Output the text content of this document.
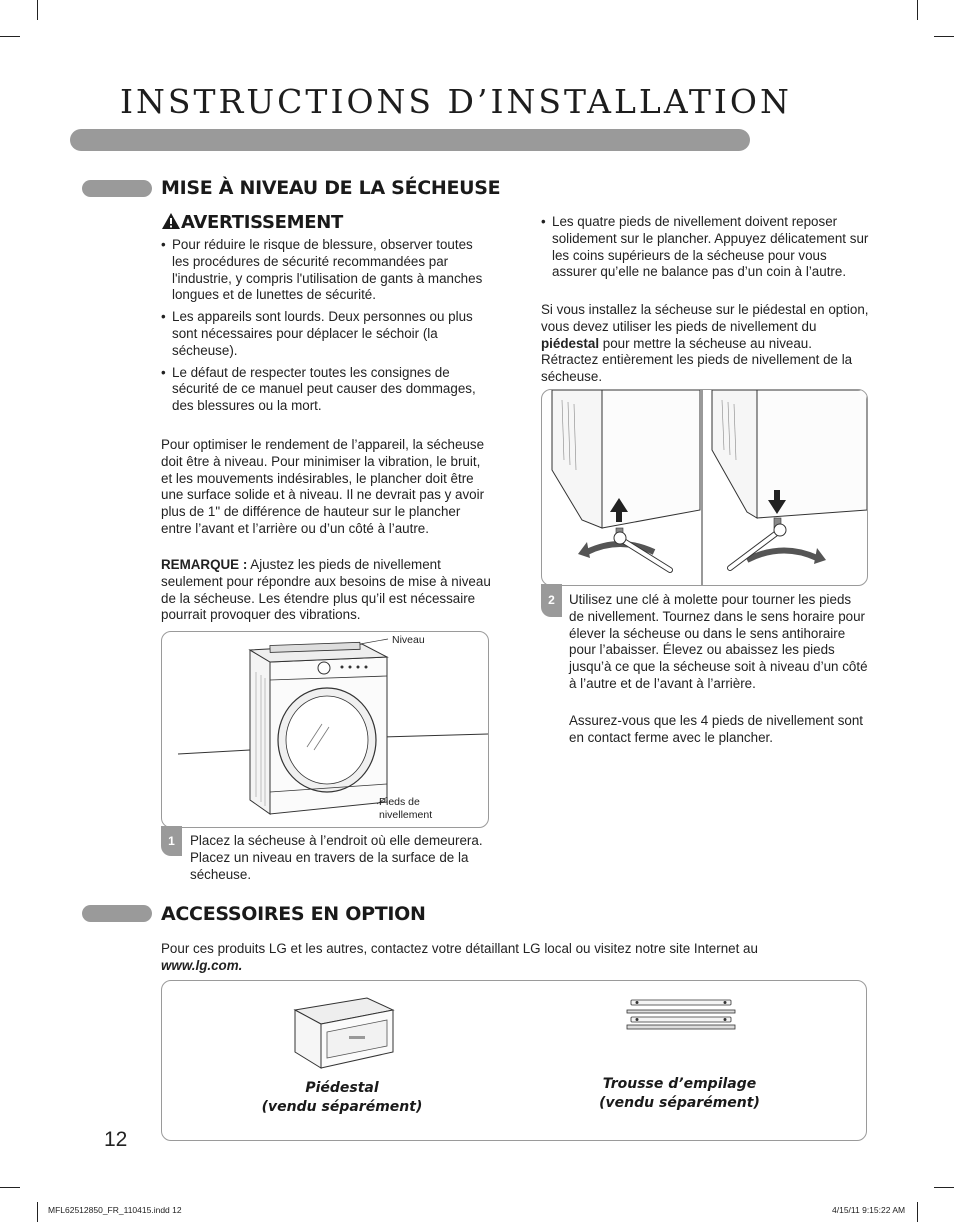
INSTRUCTIONS D’INSTALLATION
MISE À NIVEAU DE LA SÉCHEUSE
AVERTISSEMENT
• Pour réduire le risque de blessure, observer toutes les procédures de sécurité recommandées par l'industrie, y compris l'utilisation de gants à manches longues et de lunettes de sécurité.
• Les appareils sont lourds. Deux personnes ou plus sont nécessaires pour déplacer le séchoir (la sécheuse).
• Le défaut de respecter toutes les consignes de sécurité de ce manuel peut causer des dommages, des blessures ou la mort.
Pour optimiser le rendement de l’appareil, la sécheuse doit être à niveau. Pour minimiser la vibration, le bruit, et les mouvements indésirables, le plancher doit être une surface solide et à niveau. Il ne devrait pas y avoir plus de 1" de différence de hauteur sur le plancher entre l’avant et l’arrière ou d’un côté à l’autre.
REMARQUE : Ajustez les pieds de nivellement seulement pour répondre aux besoins de mise à niveau de la sécheuse. Les étendre plus qu’il est nécessaire pourrait provoquer des vibrations.
Niveau
Pieds de nivellement
1	Placez la sécheuse à l’endroit où elle demeurera. Placez un niveau en travers de la surface de la sécheuse.
• Les quatre pieds de nivellement doivent reposer solidement sur le plancher. Appuyez délicatement sur les coins supérieurs de la sécheuse pour vous assurer qu’elle ne balance pas d’un coin à l’autre.
Si vous installez la sécheuse sur le piédestal en option, vous devez utiliser les pieds de nivellement du piédestal pour mettre la sécheuse au niveau. Rétractez entièrement les pieds de nivellement de la sécheuse.
2	Utilisez une clé à molette pour tourner les pieds de nivellement. Tournez dans le sens horaire pour élever la sécheuse ou dans le sens antihoraire pour l’abaisser. Élevez ou abaissez les pieds jusqu’à ce que la sécheuse soit à niveau d’un côté à l’autre et de l’avant à l’arrière.
Assurez-vous que les 4 pieds de nivellement sont en contact ferme avec le plancher.
ACCESSOIRES EN OPTION
Pour ces produits LG et les autres, contactez votre détaillant LG local ou visitez notre site Internet au
www.lg.com.
Piédestal
(vendu séparément)
Trousse d’empilage
(vendu séparément)
12
MFL62512850_FR_110415.indd 12	4/15/11 9:15:22 AM
